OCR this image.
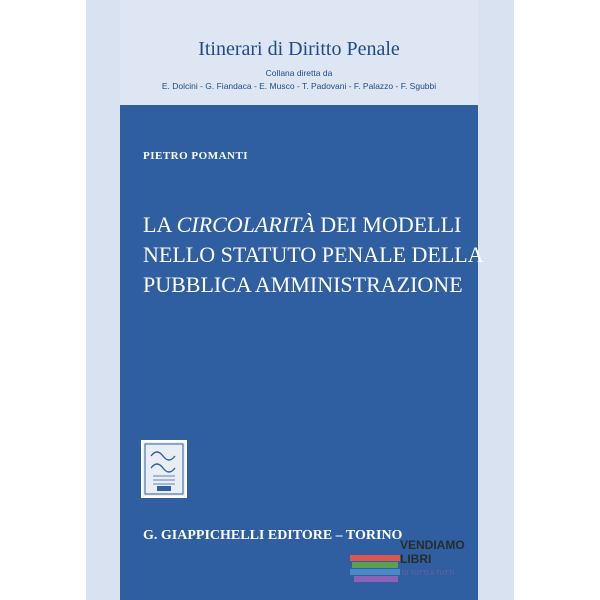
Itinerari di Diritto Penale
Collana diretta da
E. Dolcini - G. Fiandaca - E. Musco - T. Padovani - F. Palazzo - F. Sgubbi
PIETRO POMANTI
LA CIRCOLARITÀ DEI MODELLI
NELLO STATUTO PENALE DELLA
PUBBLICA AMMINISTRAZIONE
G. GIAPPICHELLI EDITORE – TORINO
VENDIAMO
LIBRI
DI TUTTI A TUTTI
